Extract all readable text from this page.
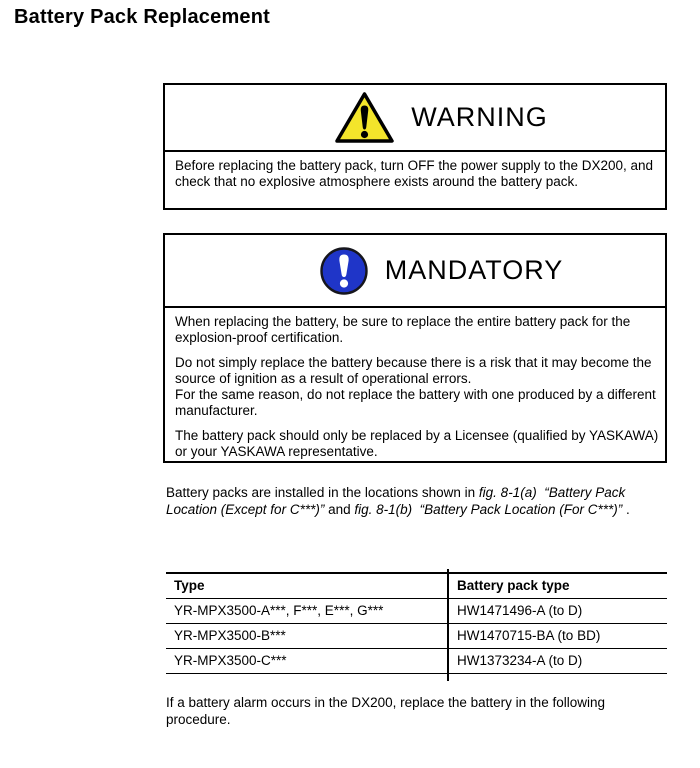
Battery Pack Replacement
WARNING
Before replacing the battery pack, turn OFF the power supply to the DX200, and check that no explosive atmosphere exists around the battery pack.
MANDATORY
When replacing the battery, be sure to replace the entire battery pack for the explosion-proof certification.
Do not simply replace the battery because there is a risk that it may become the source of ignition as a result of operational errors.
For the same reason, do not replace the battery with one produced by a different manufacturer.
The battery pack should only be replaced by a Licensee (qualified by YASKAWA) or your YASKAWA representative.
Battery packs are installed in the locations shown in fig. 8-1(a)  “Battery Pack Location (Except for C***)” and fig. 8-1(b)  “Battery Pack Location (For C***)” .
Type	Battery pack type
YR-MPX3500-A***, F***, E***, G***	HW1471496-A (to D)
YR-MPX3500-B***	HW1470715-BA (to BD)
YR-MPX3500-C***	HW1373234-A (to D)
If a battery alarm occurs in the DX200, replace the battery in the following procedure.
